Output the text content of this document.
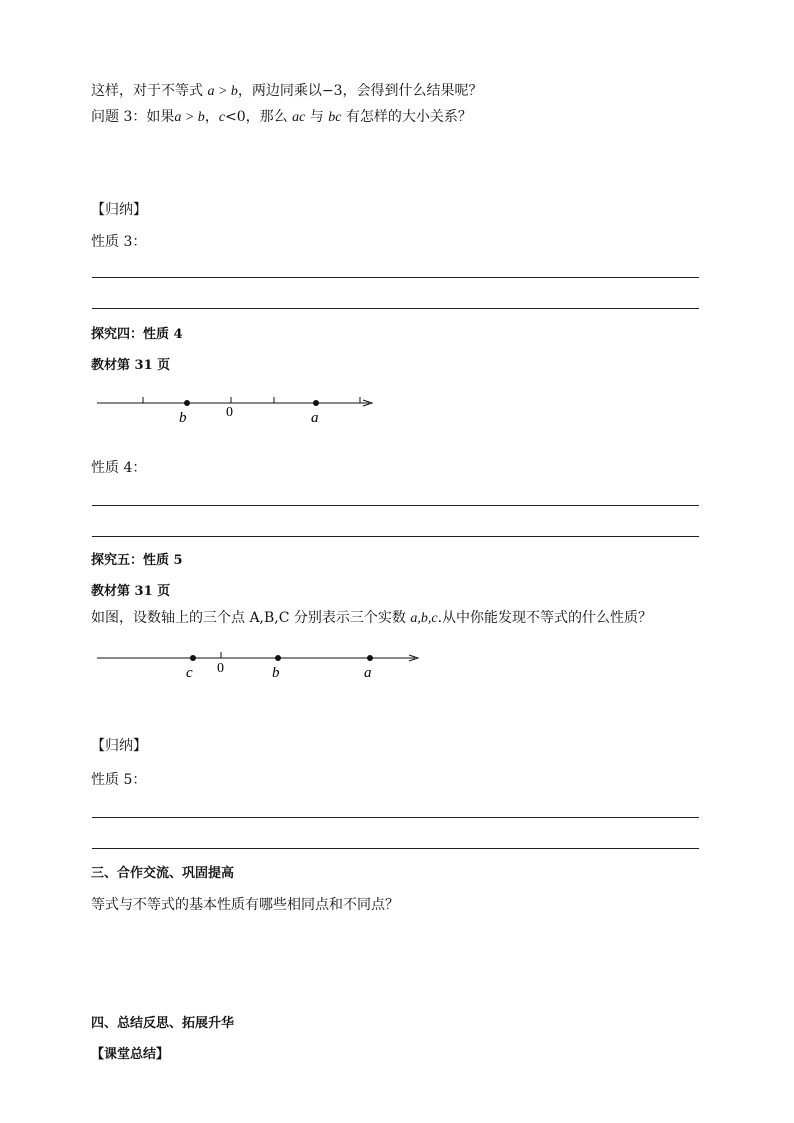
这样，对于不等式 a > b，两边同乘以−3，会得到什么结果呢？
问题 3：如果a > b，c<0，那么 ac 与 bc 有怎样的大小关系？
【归纳】
性质 3：
探究四：性质 4
教材第 31 页
b	0	a
性质 4：
探究五：性质 5
教材第 31 页
如图，设数轴上的三个点 A,B,C 分别表示三个实数 a,b,c.从中你能发现不等式的什么性质？
c 0	b	a
【归纳】
性质 5：
三、合作交流、巩固提高
等式与不等式的基本性质有哪些相同点和不同点？
四、总结反思、拓展升华
【课堂总结】
